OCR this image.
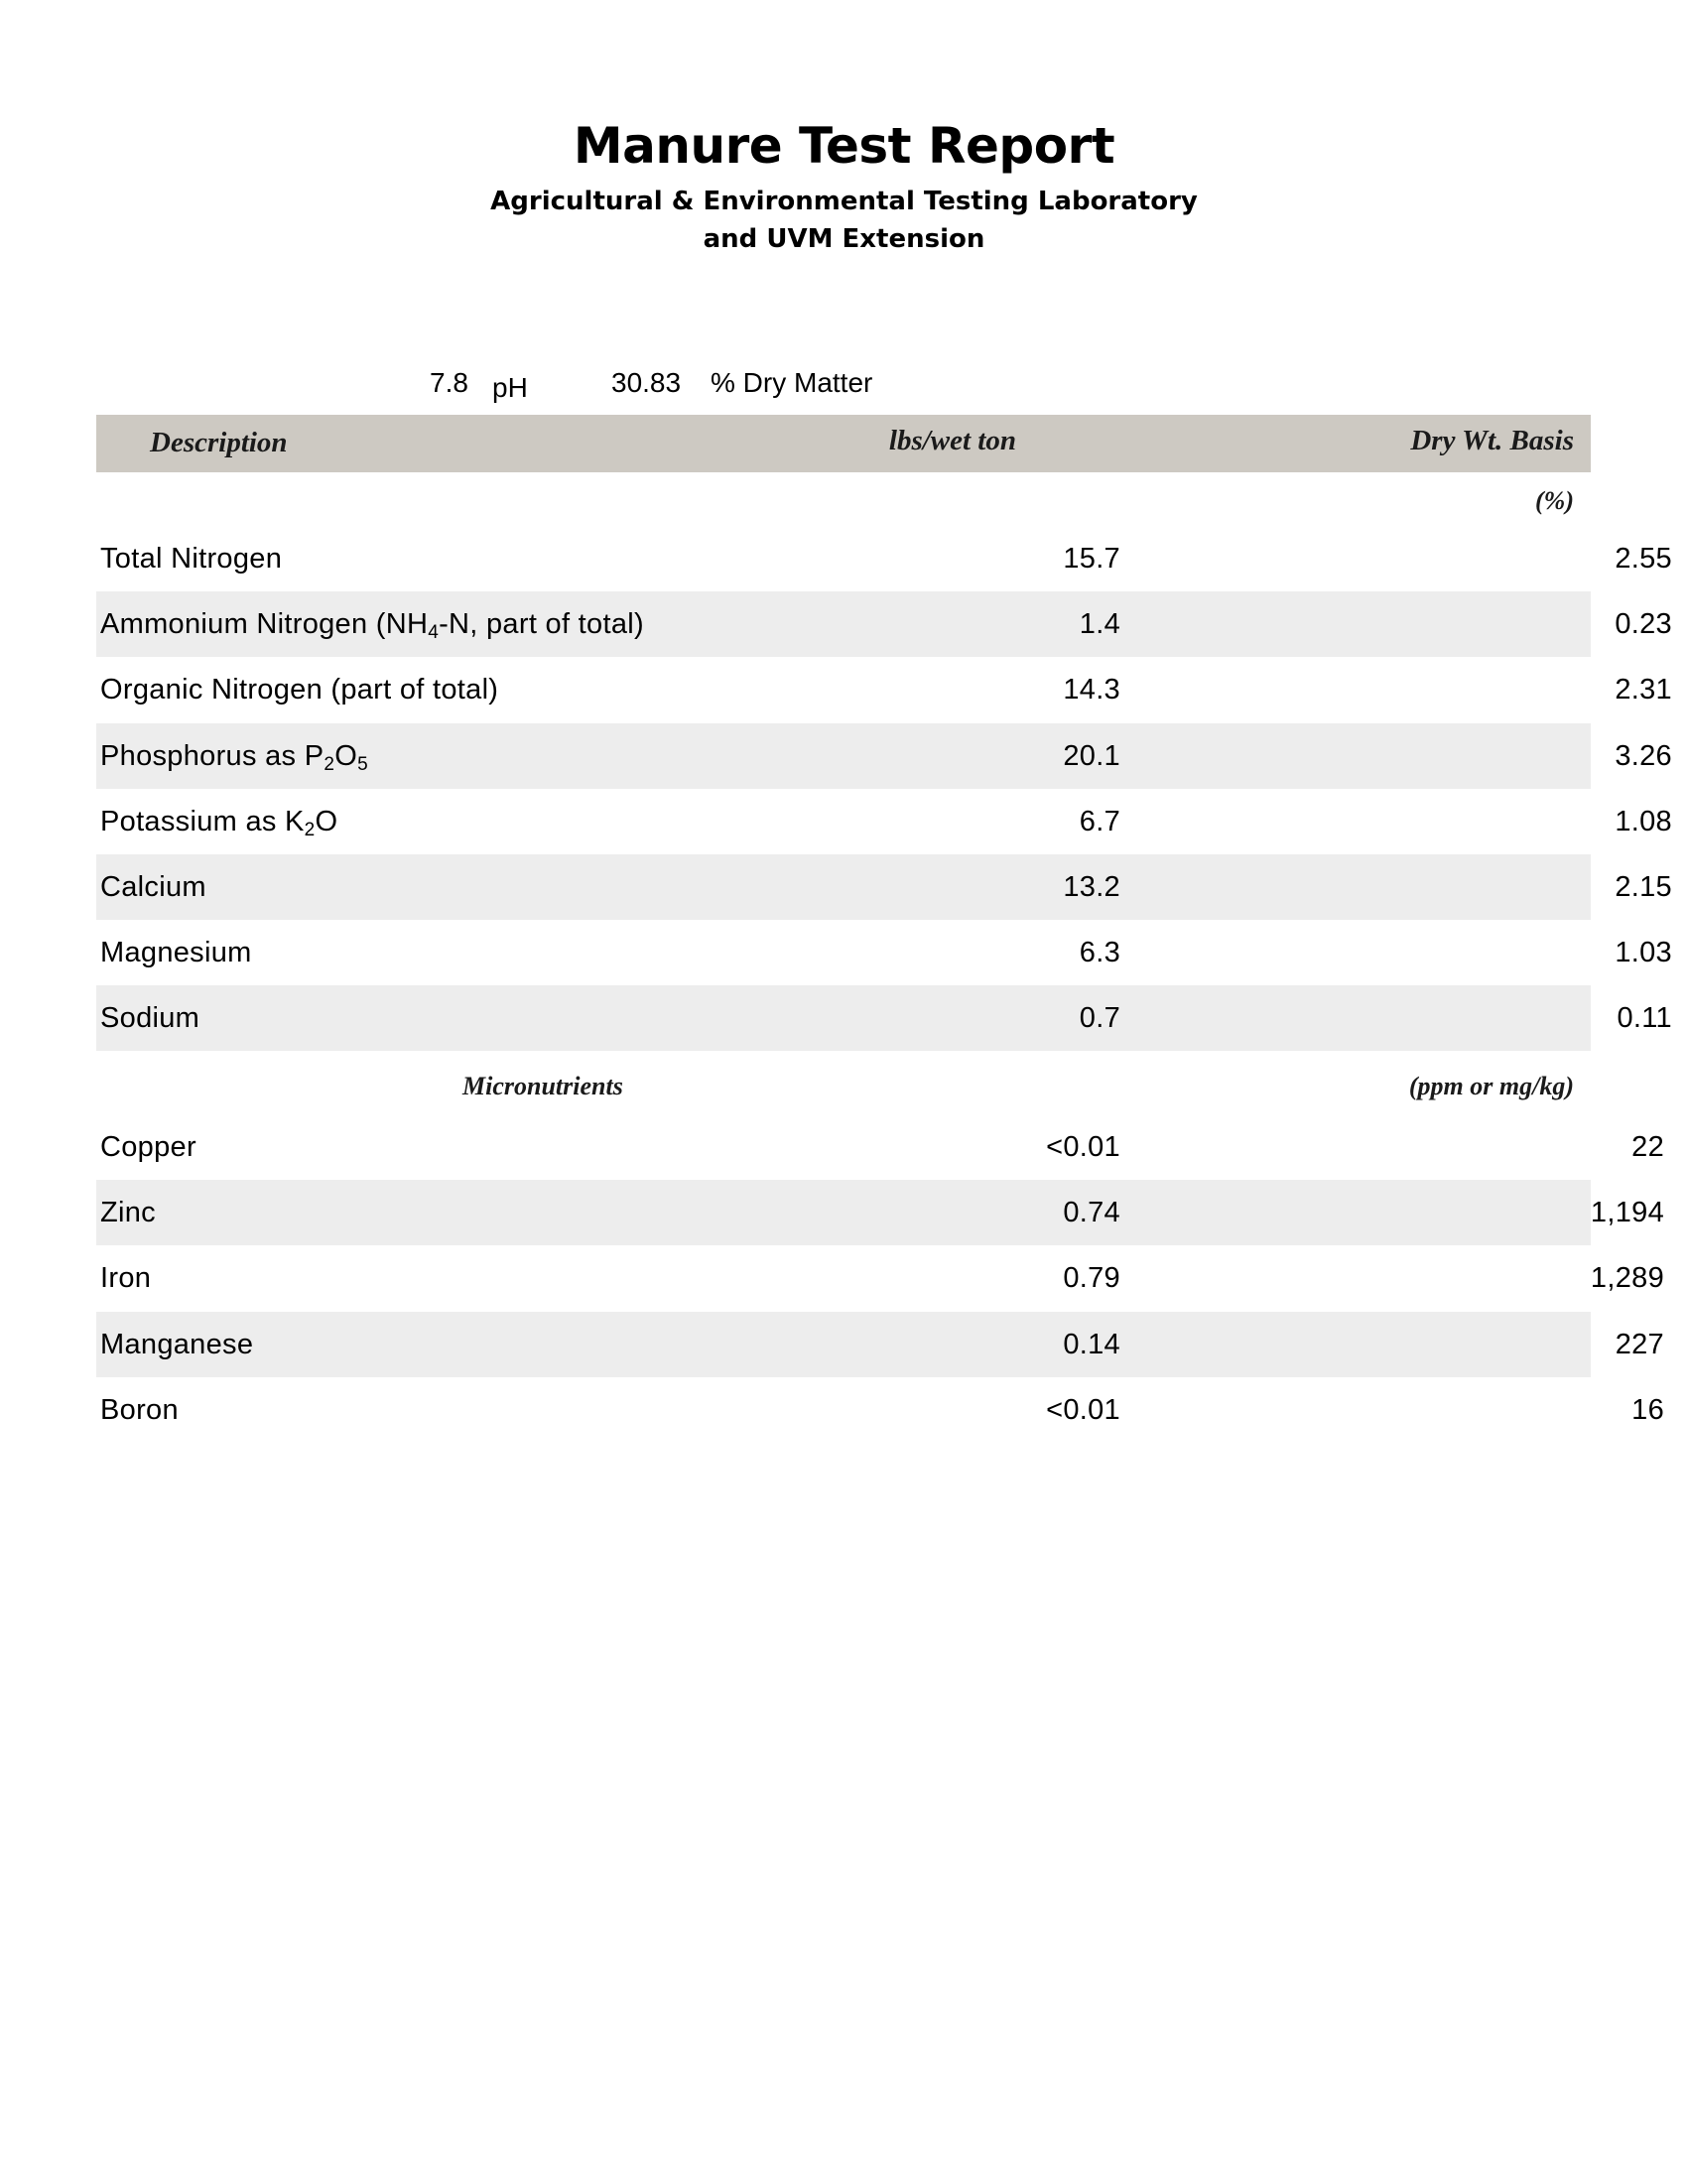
Manure Test Report
Agricultural & Environmental Testing Laboratory
and UVM Extension
7.8 pH	30.83 % Dry Matter
Description	lbs/wet ton	Dry Wt. Basis
(%)
Total Nitrogen	15.7	2.55
Ammonium Nitrogen ($NH_4-N$, part of total)	1.4	0.23
Organic Nitrogen (part of total)	14.3	2.31
Phosphorus as $P_2O_5$	20.1	3.26
Potassium as $K_2O$	6.7	1.08
Calcium	13.2	2.15
Magnesium	6.3	1.03
Sodium	0.7	0.11
Micronutrients	(ppm or mg/kg)
Copper	<0.01	22
Zinc	0.74	1,194
Iron	0.79	1,289
Manganese	0.14	227
Boron	<0.01	16
